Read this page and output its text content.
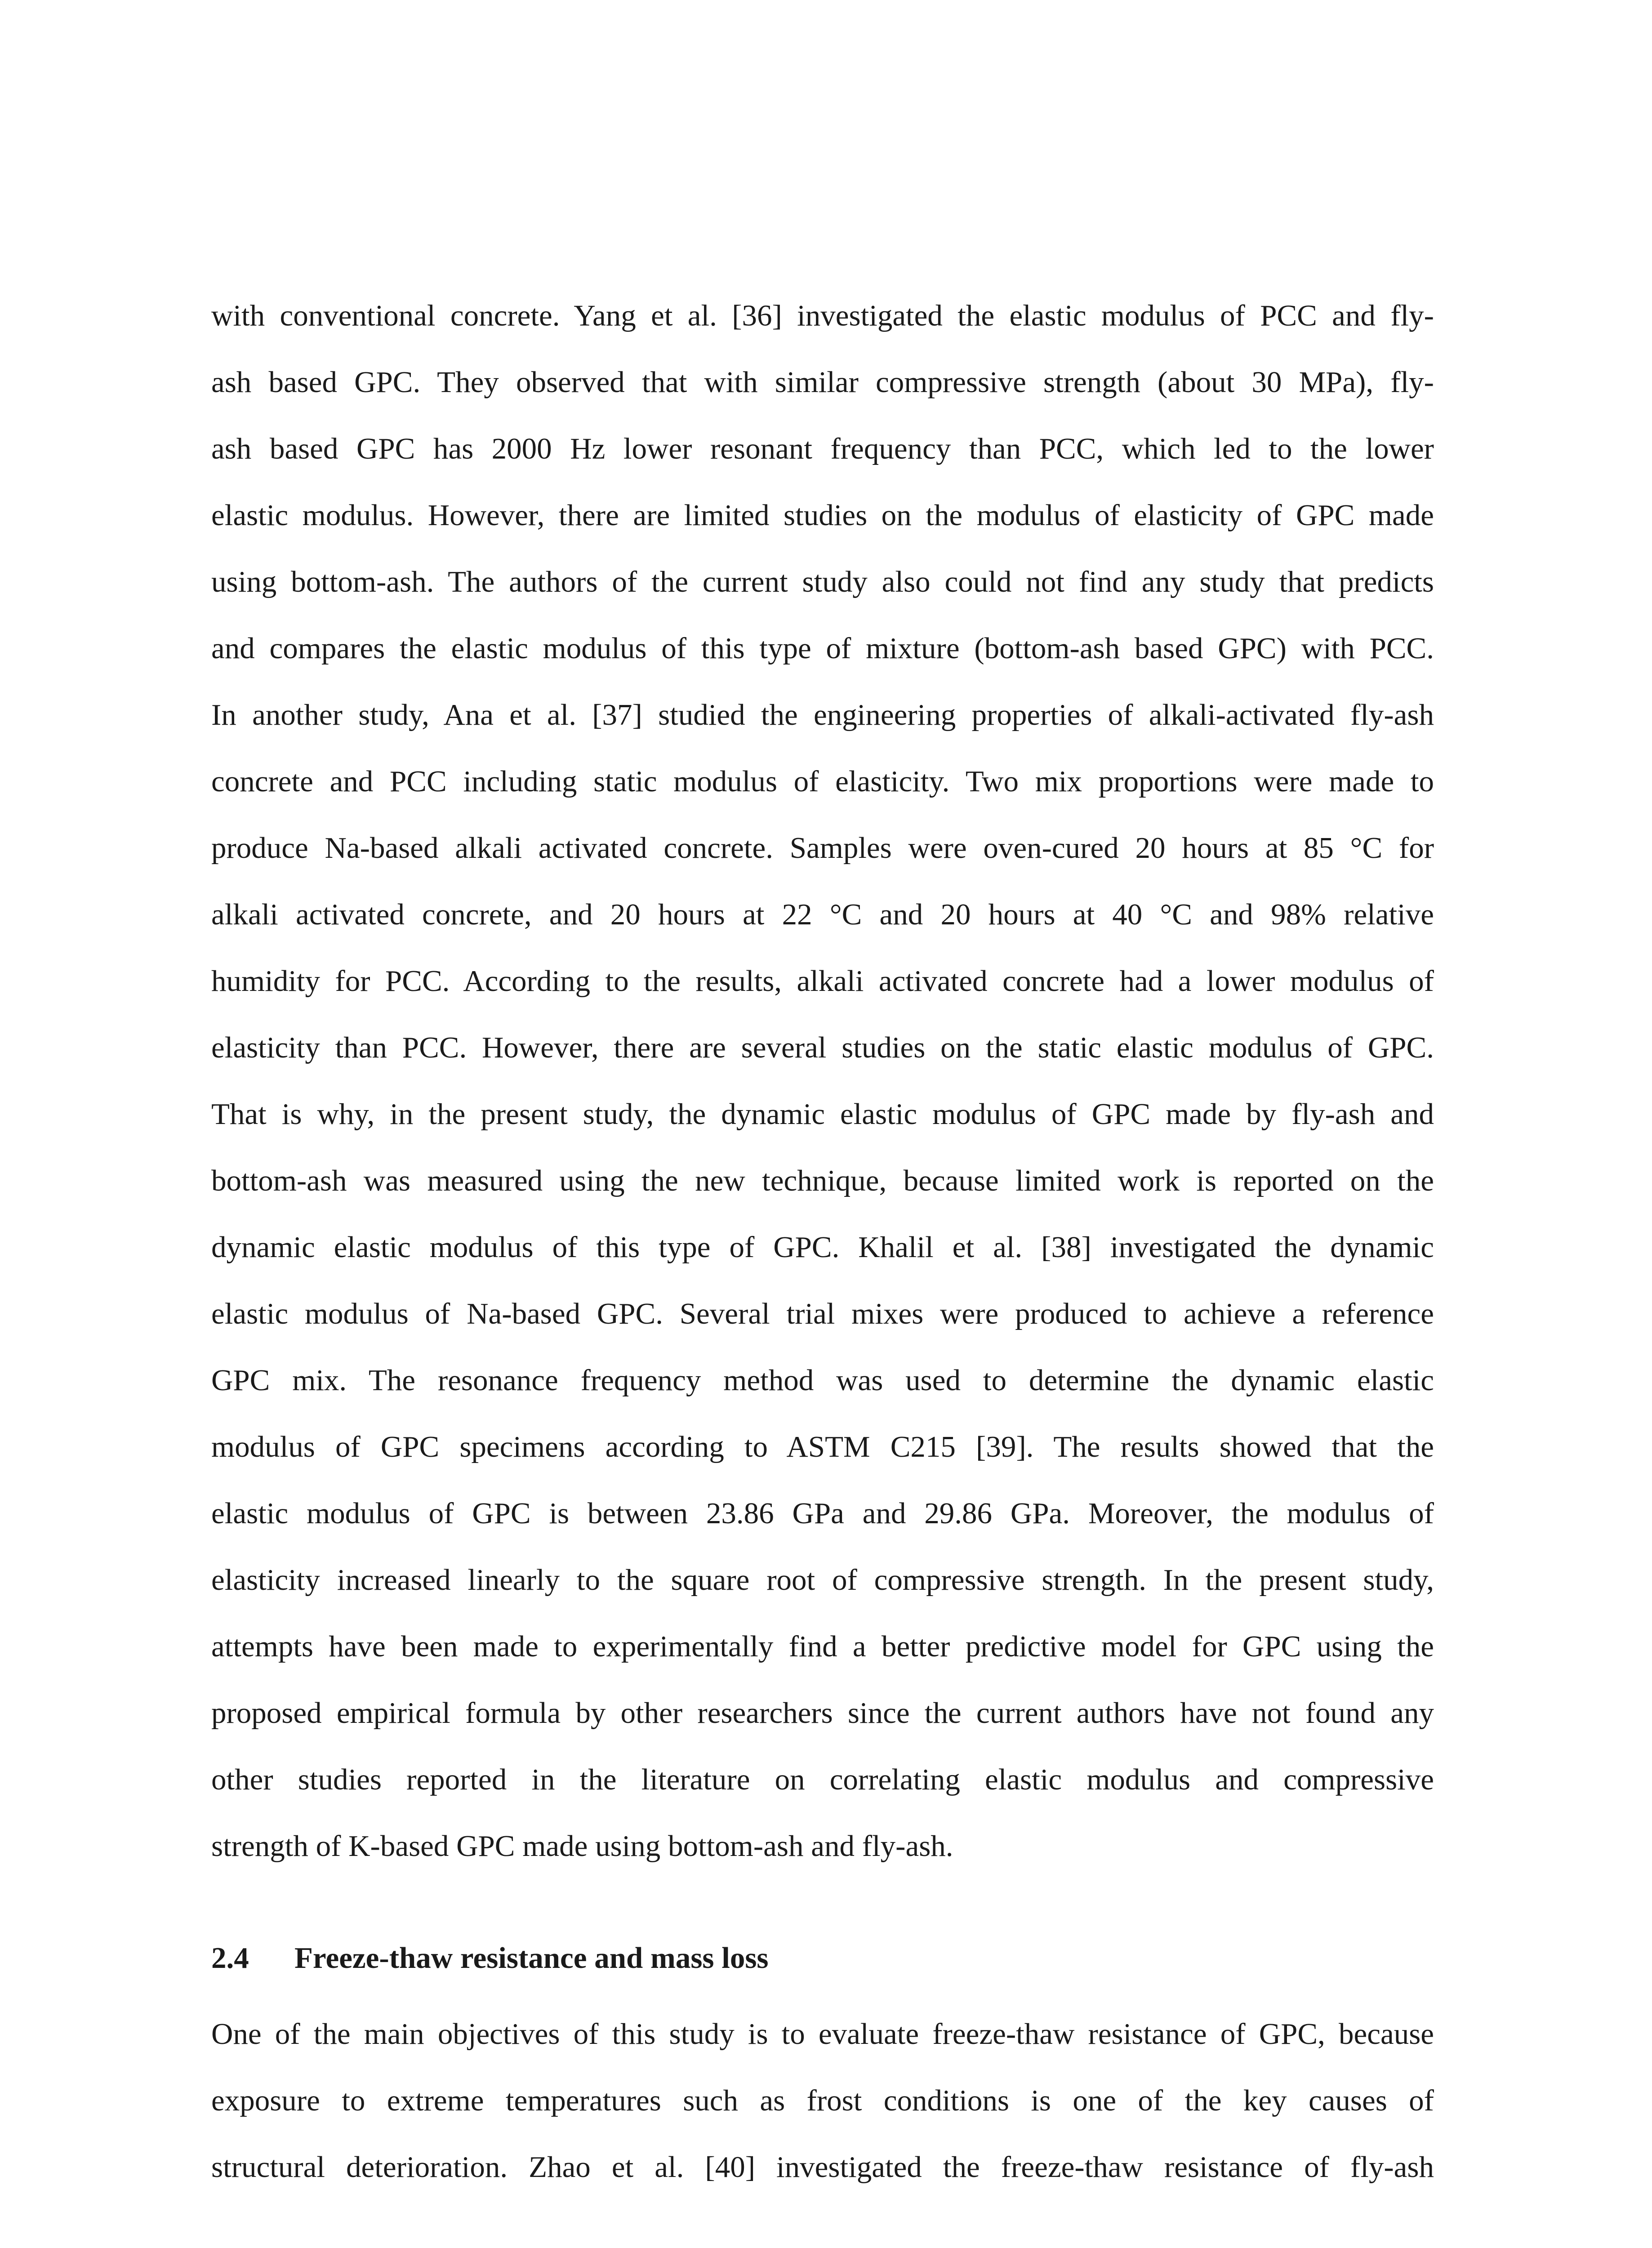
with conventional concrete. Yang et al. [36] investigated the elastic modulus of PCC and fly-
ash based GPC. They observed that with similar compressive strength (about 30 MPa), fly-
ash based GPC has 2000 Hz lower resonant frequency than PCC, which led to the lower
elastic modulus. However, there are limited studies on the modulus of elasticity of GPC made
using bottom-ash. The authors of the current study also could not find any study that predicts
and compares the elastic modulus of this type of mixture (bottom-ash based GPC) with PCC.
In another study, Ana et al. [37] studied the engineering properties of alkali-activated fly-ash
concrete and PCC including static modulus of elasticity. Two mix proportions were made to
produce Na-based alkali activated concrete. Samples were oven-cured 20 hours at 85 °C for
alkali activated concrete, and 20 hours at 22 °C and 20 hours at 40 °C and 98% relative
humidity for PCC. According to the results, alkali activated concrete had a lower modulus of
elasticity than PCC. However, there are several studies on the static elastic modulus of GPC.
That is why, in the present study, the dynamic elastic modulus of GPC made by fly-ash and
bottom-ash was measured using the new technique, because limited work is reported on the
dynamic elastic modulus of this type of GPC. Khalil et al. [38] investigated the dynamic
elastic modulus of Na-based GPC. Several trial mixes were produced to achieve a reference
GPC mix. The resonance frequency method was used to determine the dynamic elastic
modulus of GPC specimens according to ASTM C215 [39]. The results showed that the
elastic modulus of GPC is between 23.86 GPa and 29.86 GPa. Moreover, the modulus of
elasticity increased linearly to the square root of compressive strength. In the present study,
attempts have been made to experimentally find a better predictive model for GPC using the
proposed empirical formula by other researchers since the current authors have not found any
other studies reported in the literature on correlating elastic modulus and compressive
strength of K-based GPC made using bottom-ash and fly-ash.
2.4 Freeze-thaw resistance and mass loss
One of the main objectives of this study is to evaluate freeze-thaw resistance of GPC, because
exposure to extreme temperatures such as frost conditions is one of the key causes of
structural deterioration. Zhao et al. [40] investigated the freeze-thaw resistance of fly-ash
